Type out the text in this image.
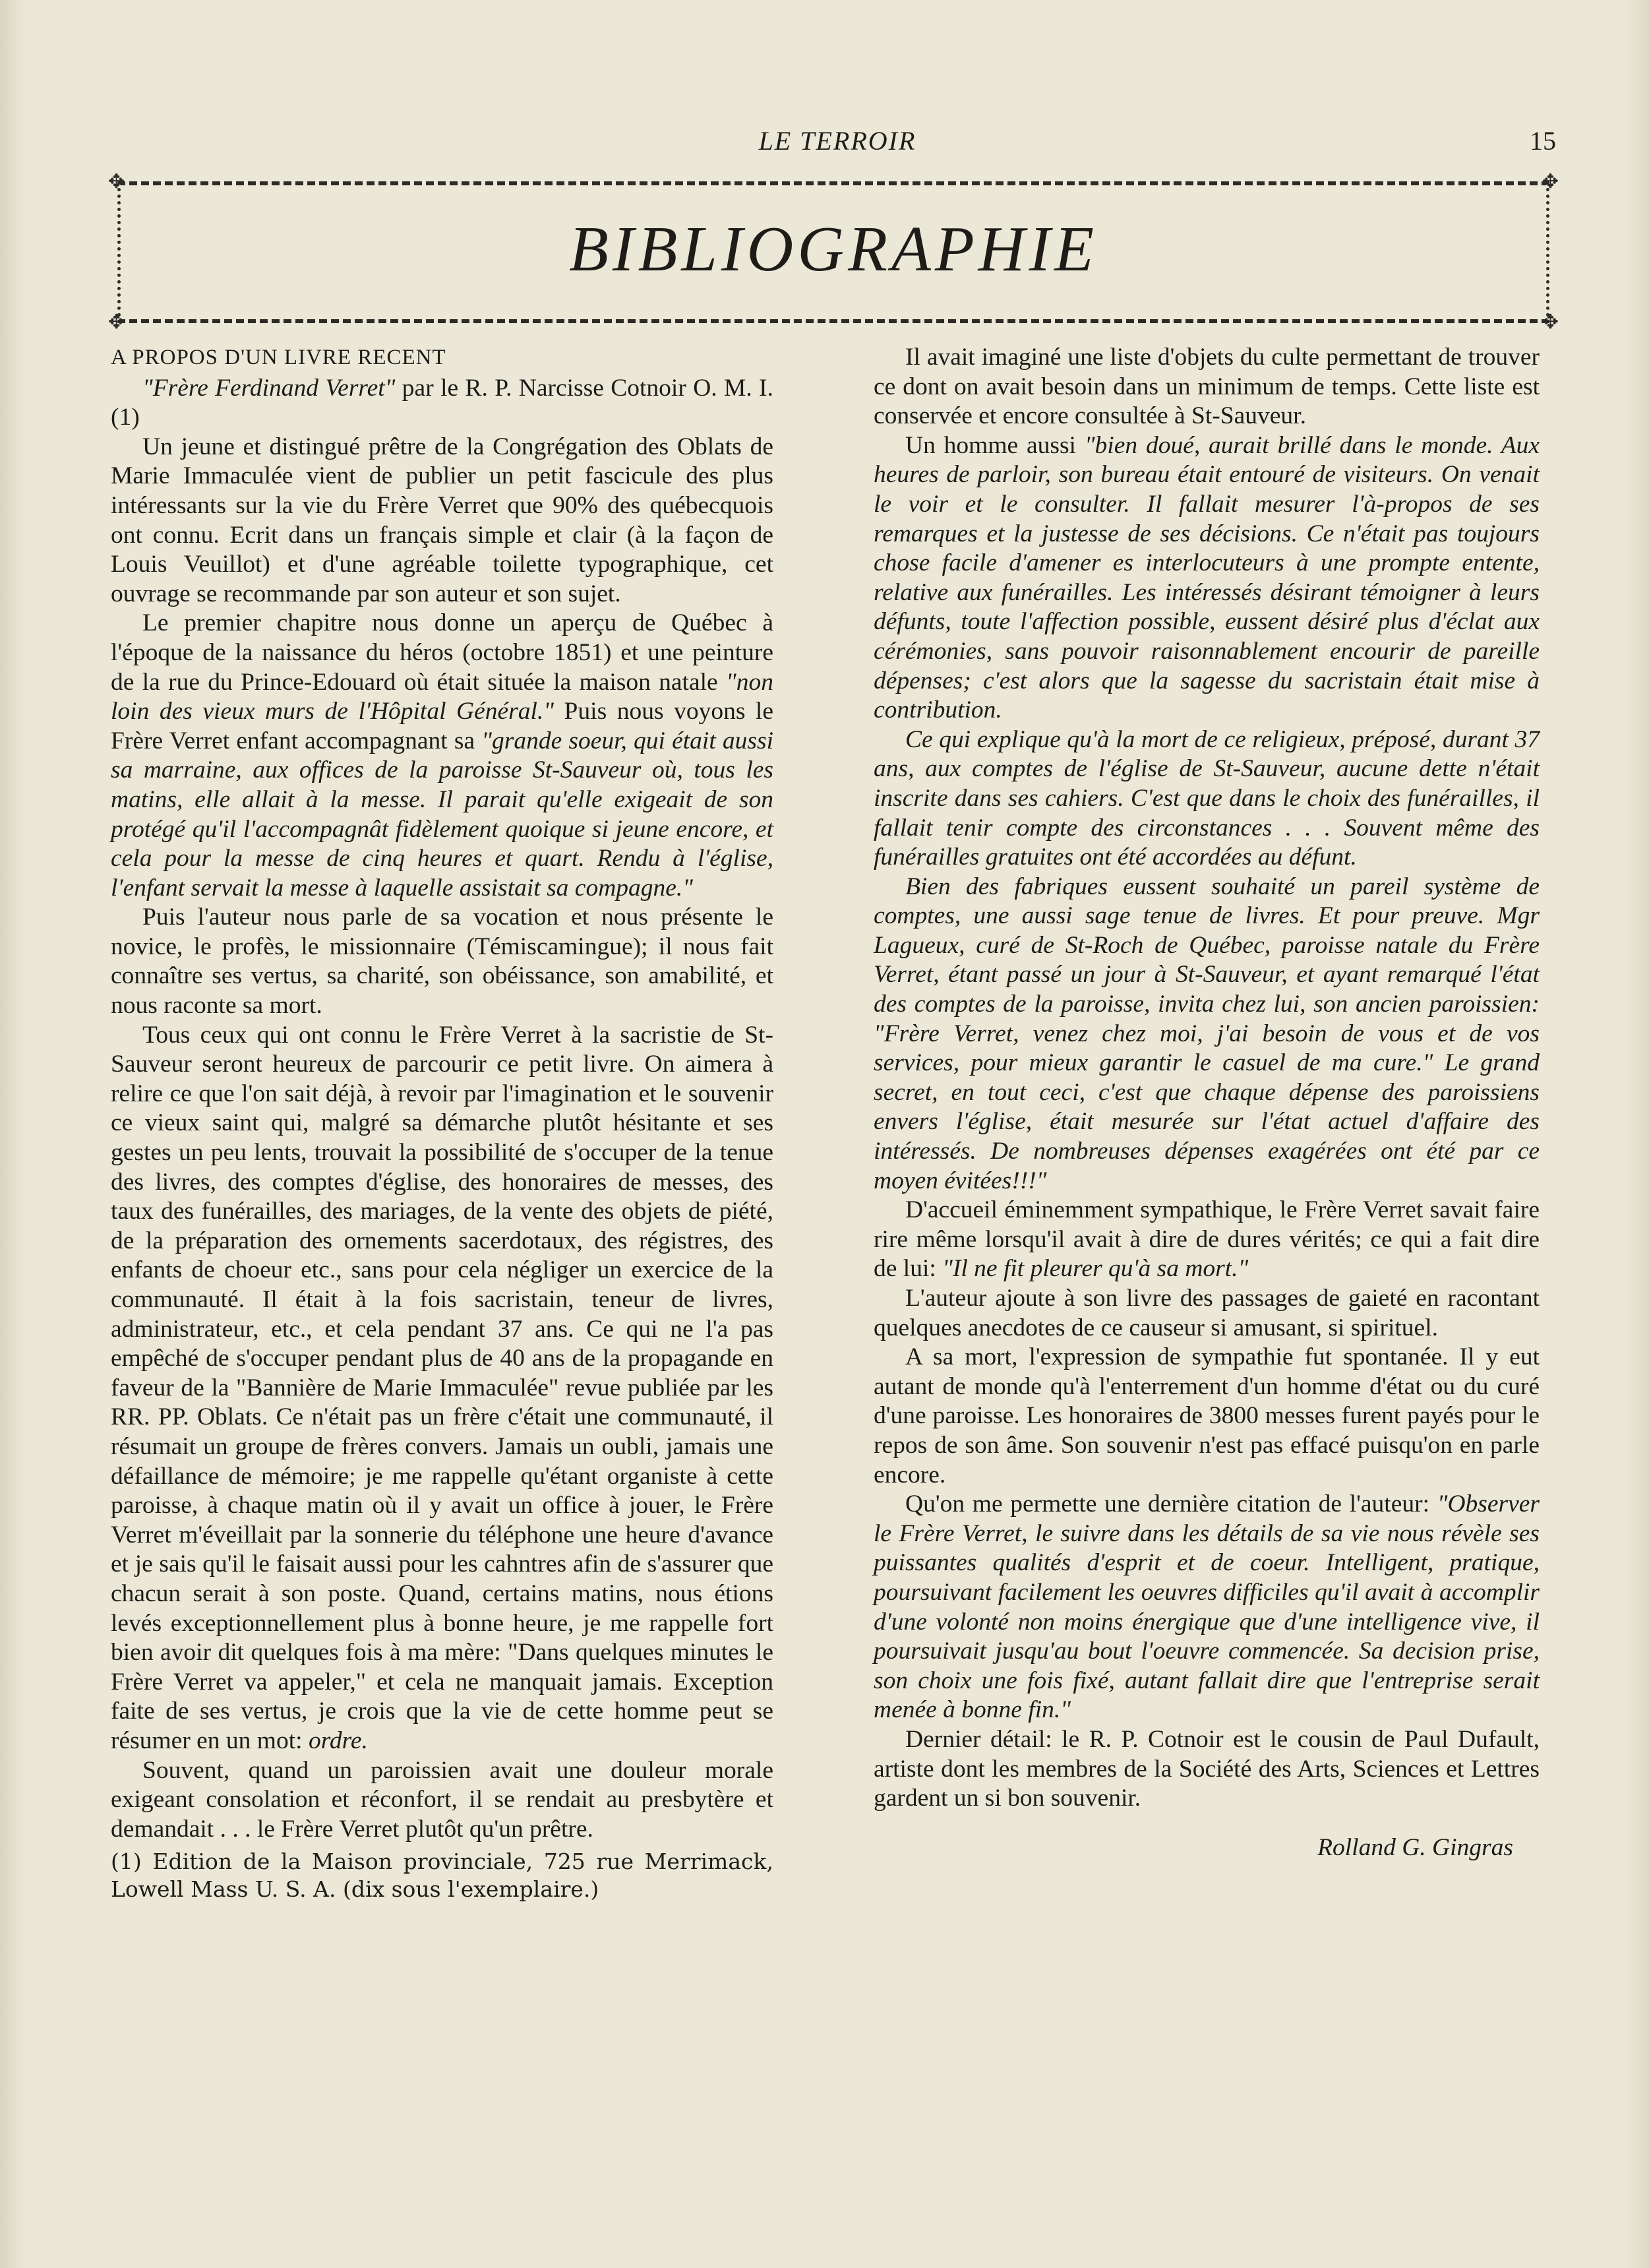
LE TERROIR	15
✥	✥
✥	✥
BIBLIOGRAPHIE

A PROPOS D'UN LIVRE RECENT

"Frère Ferdinand Verret" par le R. P. Narcisse Cotnoir O. M. I. (1)

Un jeune et distingué prêtre de la Congrégation des Oblats de Marie Immaculée vient de publier un petit fascicule des plus intéressants sur la vie du Frère Verret que 90% des québecquois ont connu. Ecrit dans un français simple et clair (à la façon de Louis Veuillot) et d'une agréable toilette typographique, cet ouvrage se recommande par son auteur et son sujet.

Le premier chapitre nous donne un aperçu de Québec à l'époque de la naissance du héros (octobre 1851) et une peinture de la rue du Prince-Edouard où était située la maison natale "non loin des vieux murs de l'Hôpital Général." Puis nous voyons le Frère Verret enfant accompagnant sa "grande soeur, qui était aussi sa marraine, aux offices de la paroisse St-Sauveur où, tous les matins, elle allait à la messe. Il parait qu'elle exigeait de son protégé qu'il l'accompagnât fidèlement quoique si jeune encore, et cela pour la messe de cinq heures et quart. Rendu à l'église, l'enfant servait la messe à laquelle assistait sa compagne."

Puis l'auteur nous parle de sa vocation et nous présente le novice, le profès, le missionnaire (Témiscamingue); il nous fait connaître ses vertus, sa charité, son obéissance, son amabilité, et nous raconte sa mort.

Tous ceux qui ont connu le Frère Verret à la sacristie de St-Sauveur seront heureux de parcourir ce petit livre. On aimera à relire ce que l'on sait déjà, à revoir par l'imagination et le souvenir ce vieux saint qui, malgré sa démarche plutôt hésitante et ses gestes un peu lents, trouvait la possibilité de s'occuper de la tenue des livres, des comptes d'église, des honoraires de messes, des taux des funérailles, des mariages, de la vente des objets de piété, de la préparation des ornements sacerdotaux, des régistres, des enfants de choeur etc., sans pour cela négliger un exercice de la communauté. Il était à la fois sacristain, teneur de livres, administrateur, etc., et cela pendant 37 ans. Ce qui ne l'a pas empêché de s'occuper pendant plus de 40 ans de la propagande en faveur de la "Bannière de Marie Immaculée" revue publiée par les RR. PP. Oblats. Ce n'était pas un frère c'était une communauté, il résumait un groupe de frères convers. Jamais un oubli, jamais une défaillance de mémoire; je me rappelle qu'étant organiste à cette paroisse, à chaque matin où il y avait un office à jouer, le Frère Verret m'éveillait par la sonnerie du téléphone une heure d'avance et je sais qu'il le faisait aussi pour les cahntres afin de s'assurer que chacun serait à son poste. Quand, certains matins, nous étions levés exceptionnellement plus à bonne heure, je me rappelle fort bien avoir dit quelques fois à ma mère: "Dans quelques minutes le Frère Verret va appeler," et cela ne manquait jamais. Exception faite de ses vertus, je crois que la vie de cette homme peut se résumer en un mot: ordre.

Souvent, quand un paroissien avait une douleur morale exigeant consolation et réconfort, il se rendait au presbytère et demandait . . . le Frère Verret plutôt qu'un prêtre.

(1) Edition de la Maison provinciale, 725 rue Merrimack, Lowell Mass U. S. A. (dix sous l'exemplaire.)

Il avait imaginé une liste d'objets du culte permettant de trouver ce dont on avait besoin dans un minimum de temps. Cette liste est conservée et encore consultée à St-Sauveur.

Un homme aussi "bien doué, aurait brillé dans le monde. Aux heures de parloir, son bureau était entouré de visiteurs. On venait le voir et le consulter. Il fallait mesurer l'à-propos de ses remarques et la justesse de ses décisions. Ce n'était pas toujours chose facile d'amener es interlocuteurs à une prompte entente, relative aux funérailles. Les intéressés désirant témoigner à leurs défunts, toute l'affection possible, eussent désiré plus d'éclat aux cérémonies, sans pouvoir raisonnablement encourir de pareille dépenses; c'est alors que la sagesse du sacristain était mise à contribution.

Ce qui explique qu'à la mort de ce religieux, préposé, durant 37 ans, aux comptes de l'église de St-Sauveur, aucune dette n'était inscrite dans ses cahiers. C'est que dans le choix des funérailles, il fallait tenir compte des circonstances . . . Souvent même des funérailles gratuites ont été accordées au défunt.

Bien des fabriques eussent souhaité un pareil système de comptes, une aussi sage tenue de livres. Et pour preuve. Mgr Lagueux, curé de St-Roch de Québec, paroisse natale du Frère Verret, étant passé un jour à St-Sauveur, et ayant remarqué l'état des comptes de la paroisse, invita chez lui, son ancien paroissien: "Frère Verret, venez chez moi, j'ai besoin de vous et de vos services, pour mieux garantir le casuel de ma cure." Le grand secret, en tout ceci, c'est que chaque dépense des paroissiens envers l'église, était mesurée sur l'état actuel d'affaire des intéressés. De nombreuses dépenses exagérées ont été par ce moyen évitées!!!"

D'accueil éminemment sympathique, le Frère Verret savait faire rire même lorsqu'il avait à dire de dures vérités; ce qui a fait dire de lui: "Il ne fit pleurer qu'à sa mort."

L'auteur ajoute à son livre des passages de gaieté en racontant quelques anecdotes de ce causeur si amusant, si spirituel.

A sa mort, l'expression de sympathie fut spontanée. Il y eut autant de monde qu'à l'enterrement d'un homme d'état ou du curé d'une paroisse. Les honoraires de 3800 messes furent payés pour le repos de son âme. Son souvenir n'est pas effacé puisqu'on en parle encore.

Qu'on me permette une dernière citation de l'auteur: "Observer le Frère Verret, le suivre dans les détails de sa vie nous révèle ses puissantes qualités d'esprit et de coeur. Intelligent, pratique, poursuivant facilement les oeuvres difficiles qu'il avait à accomplir d'une volonté non moins énergique que d'une intelligence vive, il poursuivait jusqu'au bout l'oeuvre commencée. Sa decision prise, son choix une fois fixé, autant fallait dire que l'entreprise serait menée à bonne fin."

Dernier détail: le R. P. Cotnoir est le cousin de Paul Dufault, artiste dont les membres de la Société des Arts, Sciences et Lettres gardent un si bon souvenir.

Rolland G. Gingras
